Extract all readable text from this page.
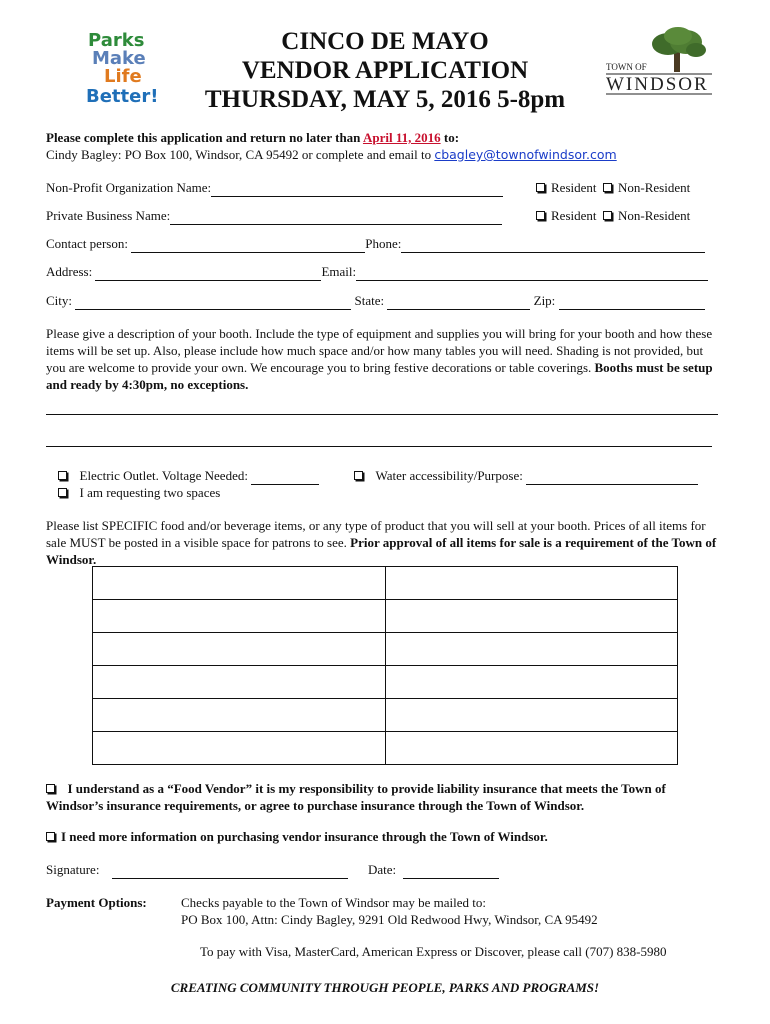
Parks
Make
Life
Better!
CINCO DE MAYO
VENDOR APPLICATION
THURSDAY, MAY 5, 2016 5-8pm
TOWN OF
WINDSOR
Please complete this application and return no later than April 11, 2016 to:
Cindy Bagley: PO Box 100, Windsor, CA 95492 or complete and email to cbagley@townofwindsor.com
Non-Profit Organization Name:	Resident Non-Resident
Private Business Name:	Resident Non-Resident
Contact person:	Phone:
Address:	Email:
City:	State:	Zip:
Please give a description of your booth. Include the type of equipment and supplies you will bring for your booth and how these items will be set up. Also, please include how much space and/or how many tables you will need. Shading is not provided, but you are welcome to provide your own. We encourage you to bring festive decorations or table coverings. Booths must be setup and ready by 4:30pm, no exceptions.
Electric Outlet. Voltage Needed:	Water accessibility/Purpose:
I am requesting two spaces
Please list SPECIFIC food and/or beverage items, or any type of product that you will sell at your booth. Prices of all items for sale MUST be posted in a visible space for patrons to see. Prior approval of all items for sale is a requirement of the Town of Windsor.

I understand as a “Food Vendor” it is my responsibility to provide liability insurance that meets the Town of Windsor’s insurance requirements, or agree to purchase insurance through the Town of Windsor.
I need more information on purchasing vendor insurance through the Town of Windsor.
Signature:	Date:
Payment Options:	Checks payable to the Town of Windsor may be mailed to:
PO Box 100, Attn: Cindy Bagley, 9291 Old Redwood Hwy, Windsor, CA 95492
To pay with Visa, MasterCard, American Express or Discover, please call (707) 838-5980
CREATING COMMUNITY THROUGH PEOPLE, PARKS AND PROGRAMS!
